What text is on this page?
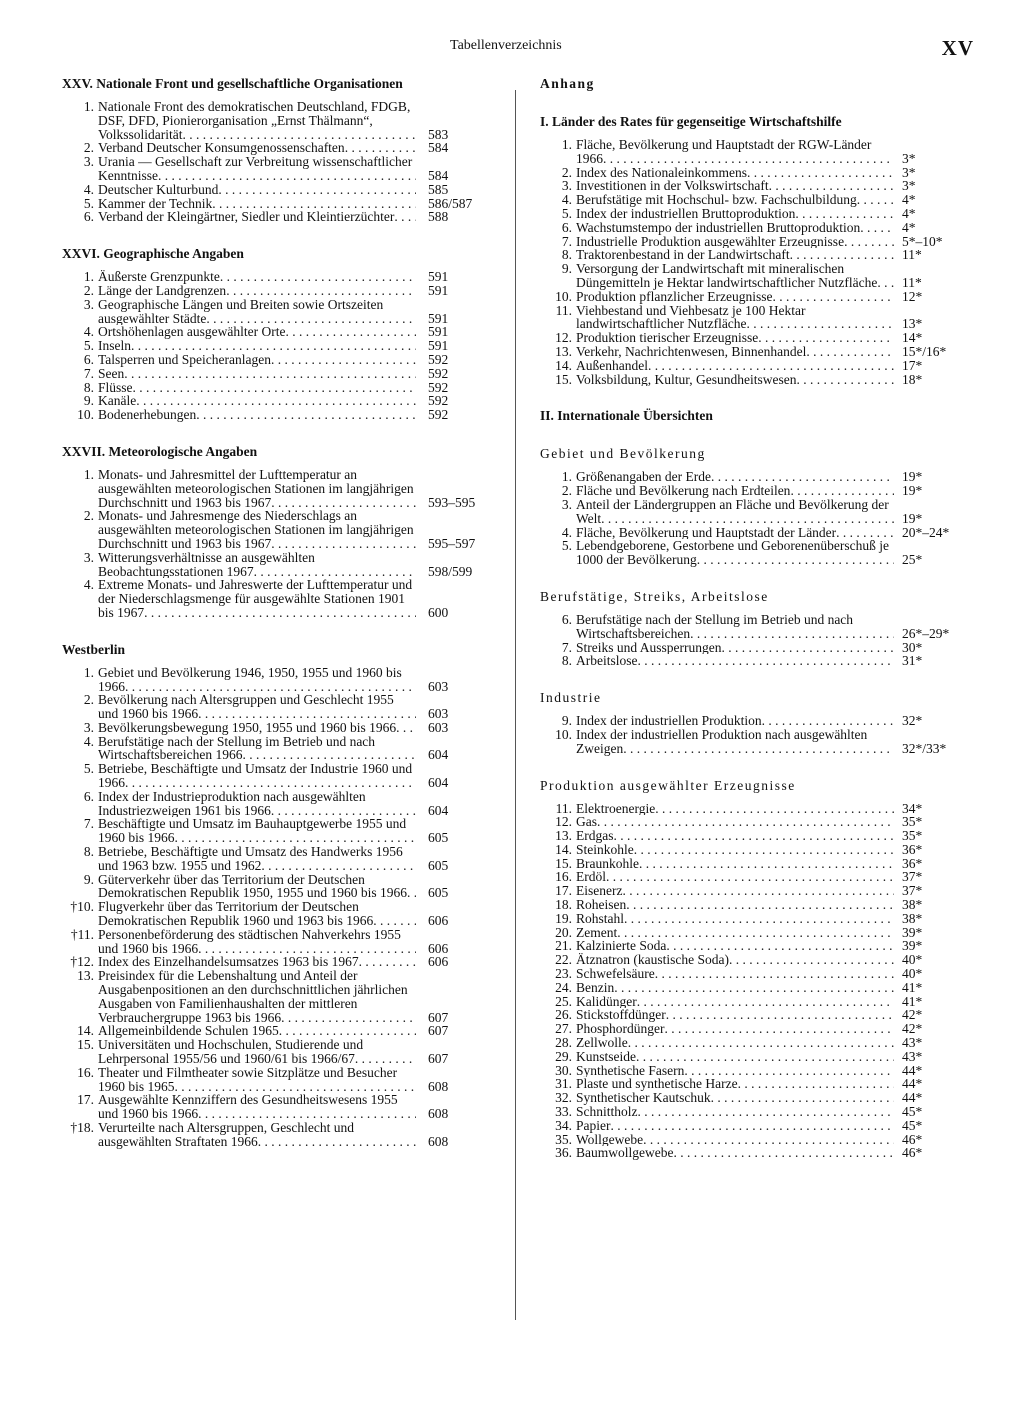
Tabellenverzeichnis	XV
XXV. Nationale Front und gesellschaftliche Organisationen
1. Nationale Front des demokratischen Deutschland, FDGB, DSF, DFD, Pionierorganisation „Ernst Thälmann“, Volkssolidarität . . .	583
2. Verband Deutscher Konsumgenossenschaften . . .	584
3. Urania — Gesellschaft zur Verbreitung wissenschaftlicher Kenntnisse . . .	584
4. Deutscher Kulturbund . . .	585
5. Kammer der Technik . . .	586/587
6. Verband der Kleingärtner, Siedler und Kleintierzüchter . . .	588
XXVI. Geographische Angaben
1. Äußerste Grenzpunkte . . .	591
2. Länge der Landgrenzen . . .	591
3. Geographische Längen und Breiten sowie Ortszeiten ausgewählter Städte . . .	591
4. Ortshöhenlagen ausgewählter Orte . . .	591
5. Inseln . . .	591
6. Talsperren und Speicheranlagen . . .	592
7. Seen . . .	592
8. Flüsse . . .	592
9. Kanäle . . .	592
10. Bodenerhebungen . . .	592
XXVII. Meteorologische Angaben
1. Monats- und Jahresmittel der Lufttemperatur an ausgewählten meteorologischen Stationen im langjährigen Durchschnitt und 1963 bis 1967 . . .	593–595
2. Monats- und Jahresmenge des Niederschlags an ausgewählten meteorologischen Stationen im langjährigen Durchschnitt und 1963 bis 1967 . . .	595–597
3. Witterungsverhältnisse an ausgewählten Beobachtungsstationen 1967 . . .	598/599
4. Extreme Monats- und Jahreswerte der Lufttemperatur und der Niederschlagsmenge für ausgewählte Stationen 1901 bis 1967 . . .	600
Westberlin
1. Gebiet und Bevölkerung 1946, 1950, 1955 und 1960 bis 1966 . . .	603
2. Bevölkerung nach Altersgruppen und Geschlecht 1955 und 1960 bis 1966 . . .	603
3. Bevölkerungsbewegung 1950, 1955 und 1960 bis 1966 . . .	603
4. Berufstätige nach der Stellung im Betrieb und nach Wirtschaftsbereichen 1966 . . .	604
5. Betriebe, Beschäftigte und Umsatz der Industrie 1960 und 1966 . . .	604
6. Index der Industrieproduktion nach ausgewählten Industriezweigen 1961 bis 1966 . . .	604
7. Beschäftigte und Umsatz im Bauhauptgewerbe 1955 und 1960 bis 1966 . . .	605
8. Betriebe, Beschäftigte und Umsatz des Handwerks 1956 und 1963 bzw. 1955 und 1962 . . .	605
9. Güterverkehr über das Territorium der Deutschen Demokratischen Republik 1950, 1955 und 1960 bis 1966 . . .	605
†10. Flugverkehr über das Territorium der Deutschen Demokratischen Republik 1960 und 1963 bis 1966 . . .	606
†11. Personenbeförderung des städtischen Nahverkehrs 1955 und 1960 bis 1966 . . .	606
†12. Index des Einzelhandelsumsatzes 1963 bis 1967 . . .	606
13. Preisindex für die Lebenshaltung und Anteil der Ausgabenpositionen an den durchschnittlichen jährlichen Ausgaben von Familienhaushalten der mittleren Verbrauchergruppe 1963 bis 1966 . . .	607
14. Allgemeinbildende Schulen 1965 . . .	607
15. Universitäten und Hochschulen, Studierende und Lehrpersonal 1955/56 und 1960/61 bis 1966/67 . . .	607
16. Theater und Filmtheater sowie Sitzplätze und Besucher 1960 bis 1965 . . .	608
17. Ausgewählte Kennziffern des Gesundheitswesens 1955 und 1960 bis 1966 . . .	608
†18. Verurteilte nach Altersgruppen, Geschlecht und ausgewählten Straftaten 1966 . . .	608
Anhang
I. Länder des Rates für gegenseitige Wirtschaftshilfe
1. Fläche, Bevölkerung und Hauptstadt der RGW-Länder 1966 . . .	3*
2. Index des Nationaleinkommens . . .	3*
3. Investitionen in der Volkswirtschaft . . .	3*
4. Berufstätige mit Hochschul- bzw. Fachschulbildung . . .	4*
5. Index der industriellen Bruttoproduktion . . .	4*
6. Wachstumstempo der industriellen Bruttoproduktion . . .	4*
7. Industrielle Produktion ausgewählter Erzeugnisse . . .	5*–10*
8. Traktorenbestand in der Landwirtschaft . . .	11*
9. Versorgung der Landwirtschaft mit mineralischen Düngemitteln je Hektar landwirtschaftlicher Nutzfläche . . .	11*
10. Produktion pflanzlicher Erzeugnisse . . .	12*
11. Viehbestand und Viehbesatz je 100 Hektar landwirtschaftlicher Nutzfläche . . .	13*
12. Produktion tierischer Erzeugnisse . . .	14*
13. Verkehr, Nachrichtenwesen, Binnenhandel . . .	15*/16*
14. Außenhandel . . .	17*
15. Volksbildung, Kultur, Gesundheitswesen . . .	18*
II. Internationale Übersichten
Gebiet und Bevölkerung
1. Größenangaben der Erde . . .	19*
2. Fläche und Bevölkerung nach Erdteilen . . .	19*
3. Anteil der Ländergruppen an Fläche und Bevölkerung der Welt . . .	19*
4. Fläche, Bevölkerung und Hauptstadt der Länder . . .	20*–24*
5. Lebendgeborene, Gestorbene und Geborenenüberschuß je 1000 der Bevölkerung . . .	25*
Berufstätige, Streiks, Arbeitslose
6. Berufstätige nach der Stellung im Betrieb und nach Wirtschaftsbereichen . . .	26*–29*
7. Streiks und Aussperrungen . . .	30*
8. Arbeitslose . . .	31*
Industrie
9. Index der industriellen Produktion . . .	32*
10. Index der industriellen Produktion nach ausgewählten Zweigen . . .	32*/33*
Produktion ausgewählter Erzeugnisse
11. Elektroenergie . . .	34*
12. Gas . . .	35*
13. Erdgas . . .	35*
14. Steinkohle . . .	36*
15. Braunkohle . . .	36*
16. Erdöl . . .	37*
17. Eisenerz . . .	37*
18. Roheisen . . .	38*
19. Rohstahl . . .	38*
20. Zement . . .	39*
21. Kalzinierte Soda . . .	39*
22. Ätznatron (kaustische Soda) . . .	40*
23. Schwefelsäure . . .	40*
24. Benzin . . .	41*
25. Kalidünger . . .	41*
26. Stickstoffdünger . . .	42*
27. Phosphordünger . . .	42*
28. Zellwolle . . .	43*
29. Kunstseide . . .	43*
30. Synthetische Fasern . . .	44*
31. Plaste und synthetische Harze . . .	44*
32. Synthetischer Kautschuk . . .	44*
33. Schnittholz . . .	45*
34. Papier . . .	45*
35. Wollgewebe . . .	46*
36. Baumwollgewebe . . .	46*
